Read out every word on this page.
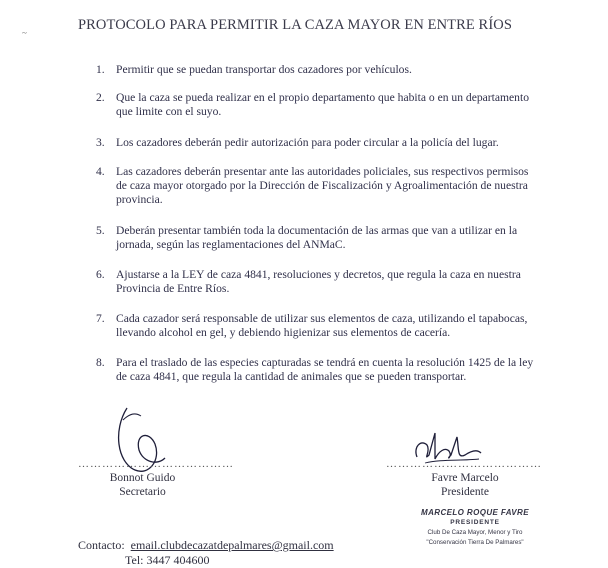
~	PROTOCOLO PARA PERMITIR LA CAZA MAYOR EN ENTRE RÍOS
1. Permitir que se puedan transportar dos cazadores por vehículos.
2. Que la caza se pueda realizar en el propio departamento que habita o en un departamento que limite con el suyo.
3. Los cazadores deberán pedir autorización para poder circular a la policía del lugar.
4. Las cazadores deberán presentar ante las autoridades policiales, sus respectivos permisos de caza mayor otorgado por la Dirección de Fiscalización y Agroalimentación de nuestra provincia.
5. Deberán presentar también toda la documentación de las armas que van a utilizar en la jornada, según las reglamentaciones del ANMaC.
6. Ajustarse a la LEY de caza 4841, resoluciones y decretos, que regula la caza en nuestra Provincia de Entre Ríos.
7. Cada cazador será responsable de utilizar sus elementos de caza, utilizando el tapabocas, llevando alcohol en gel, y debiendo higienizar sus elementos de cacería.
8. Para el traslado de las especies capturadas se tendrá en cuenta la resolución 1425 de la ley de caza 4841, que regula la cantidad de animales que se pueden transportar.
…………………………………
Bonnot Guido
Secretario
…………………………………
Favre Marcelo
Presidente
MARCELO ROQUE FAVRE
PRESIDENTE
Club De Caza Mayor, Menor y Tiro
"Conservación Tierra De Palmares"
Contacto: email.clubdecazatdepalmares@gmail.com
Tel: 3447 404600
